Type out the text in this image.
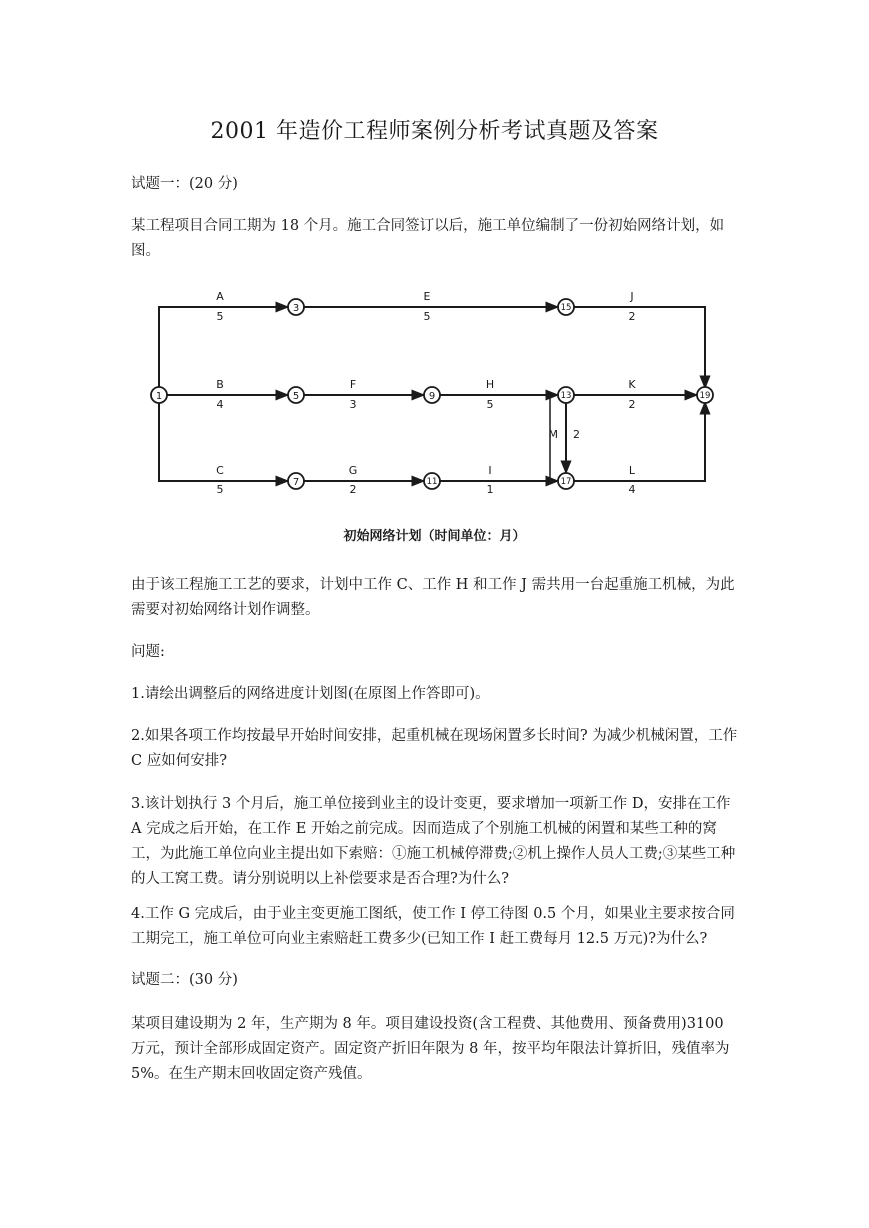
2001 年造价工程师案例分析考试真题及答案

试题一：(20 分)

某工程项目合同工期为 18 个月。施工合同签订以后，施工单位编制了一份初始网络计划，如图。

1
3
5	9
7	11
15
13
17
19
A
5
E
5
J
2
B
4
F
3
H
5
K
2
C
5
G
2
I
1
L
4
M 2
初始网络计划（时间单位：月）

由于该工程施工工艺的要求，计划中工作 C、工作 H 和工作 J 需共用一台起重施工机械，为此需要对初始网络计划作调整。

问题:

1.请绘出调整后的网络进度计划图(在原图上作答即可)。

2.如果各项工作均按最早开始时间安排，起重机械在现场闲置多长时间? 为减少机械闲置，工作 C 应如何安排?

3.该计划执行 3 个月后，施工单位接到业主的设计变更，要求增加一项新工作 D，安排在工作 A 完成之后开始，在工作 E 开始之前完成。因而造成了个别施工机械的闲置和某些工种的窝工，为此施工单位向业主提出如下索赔：①施工机械停滞费;②机上操作人员人工费;③某些工种的人工窝工费。请分别说明以上补偿要求是否合理?为什么?

4.工作 G 完成后，由于业主变更施工图纸，使工作 I 停工待图 0.5 个月，如果业主要求按合同工期完工，施工单位可向业主索赔赶工费多少(已知工作 I 赶工费每月 12.5 万元)?为什么?

试题二：(30 分)

某项目建设期为 2 年，生产期为 8 年。项目建设投资(含工程费、其他费用、预备费用)3100 万元，预计全部形成固定资产。固定资产折旧年限为 8 年，按平均年限法计算折旧，残值率为 5%。在生产期末回收固定资产残值。
